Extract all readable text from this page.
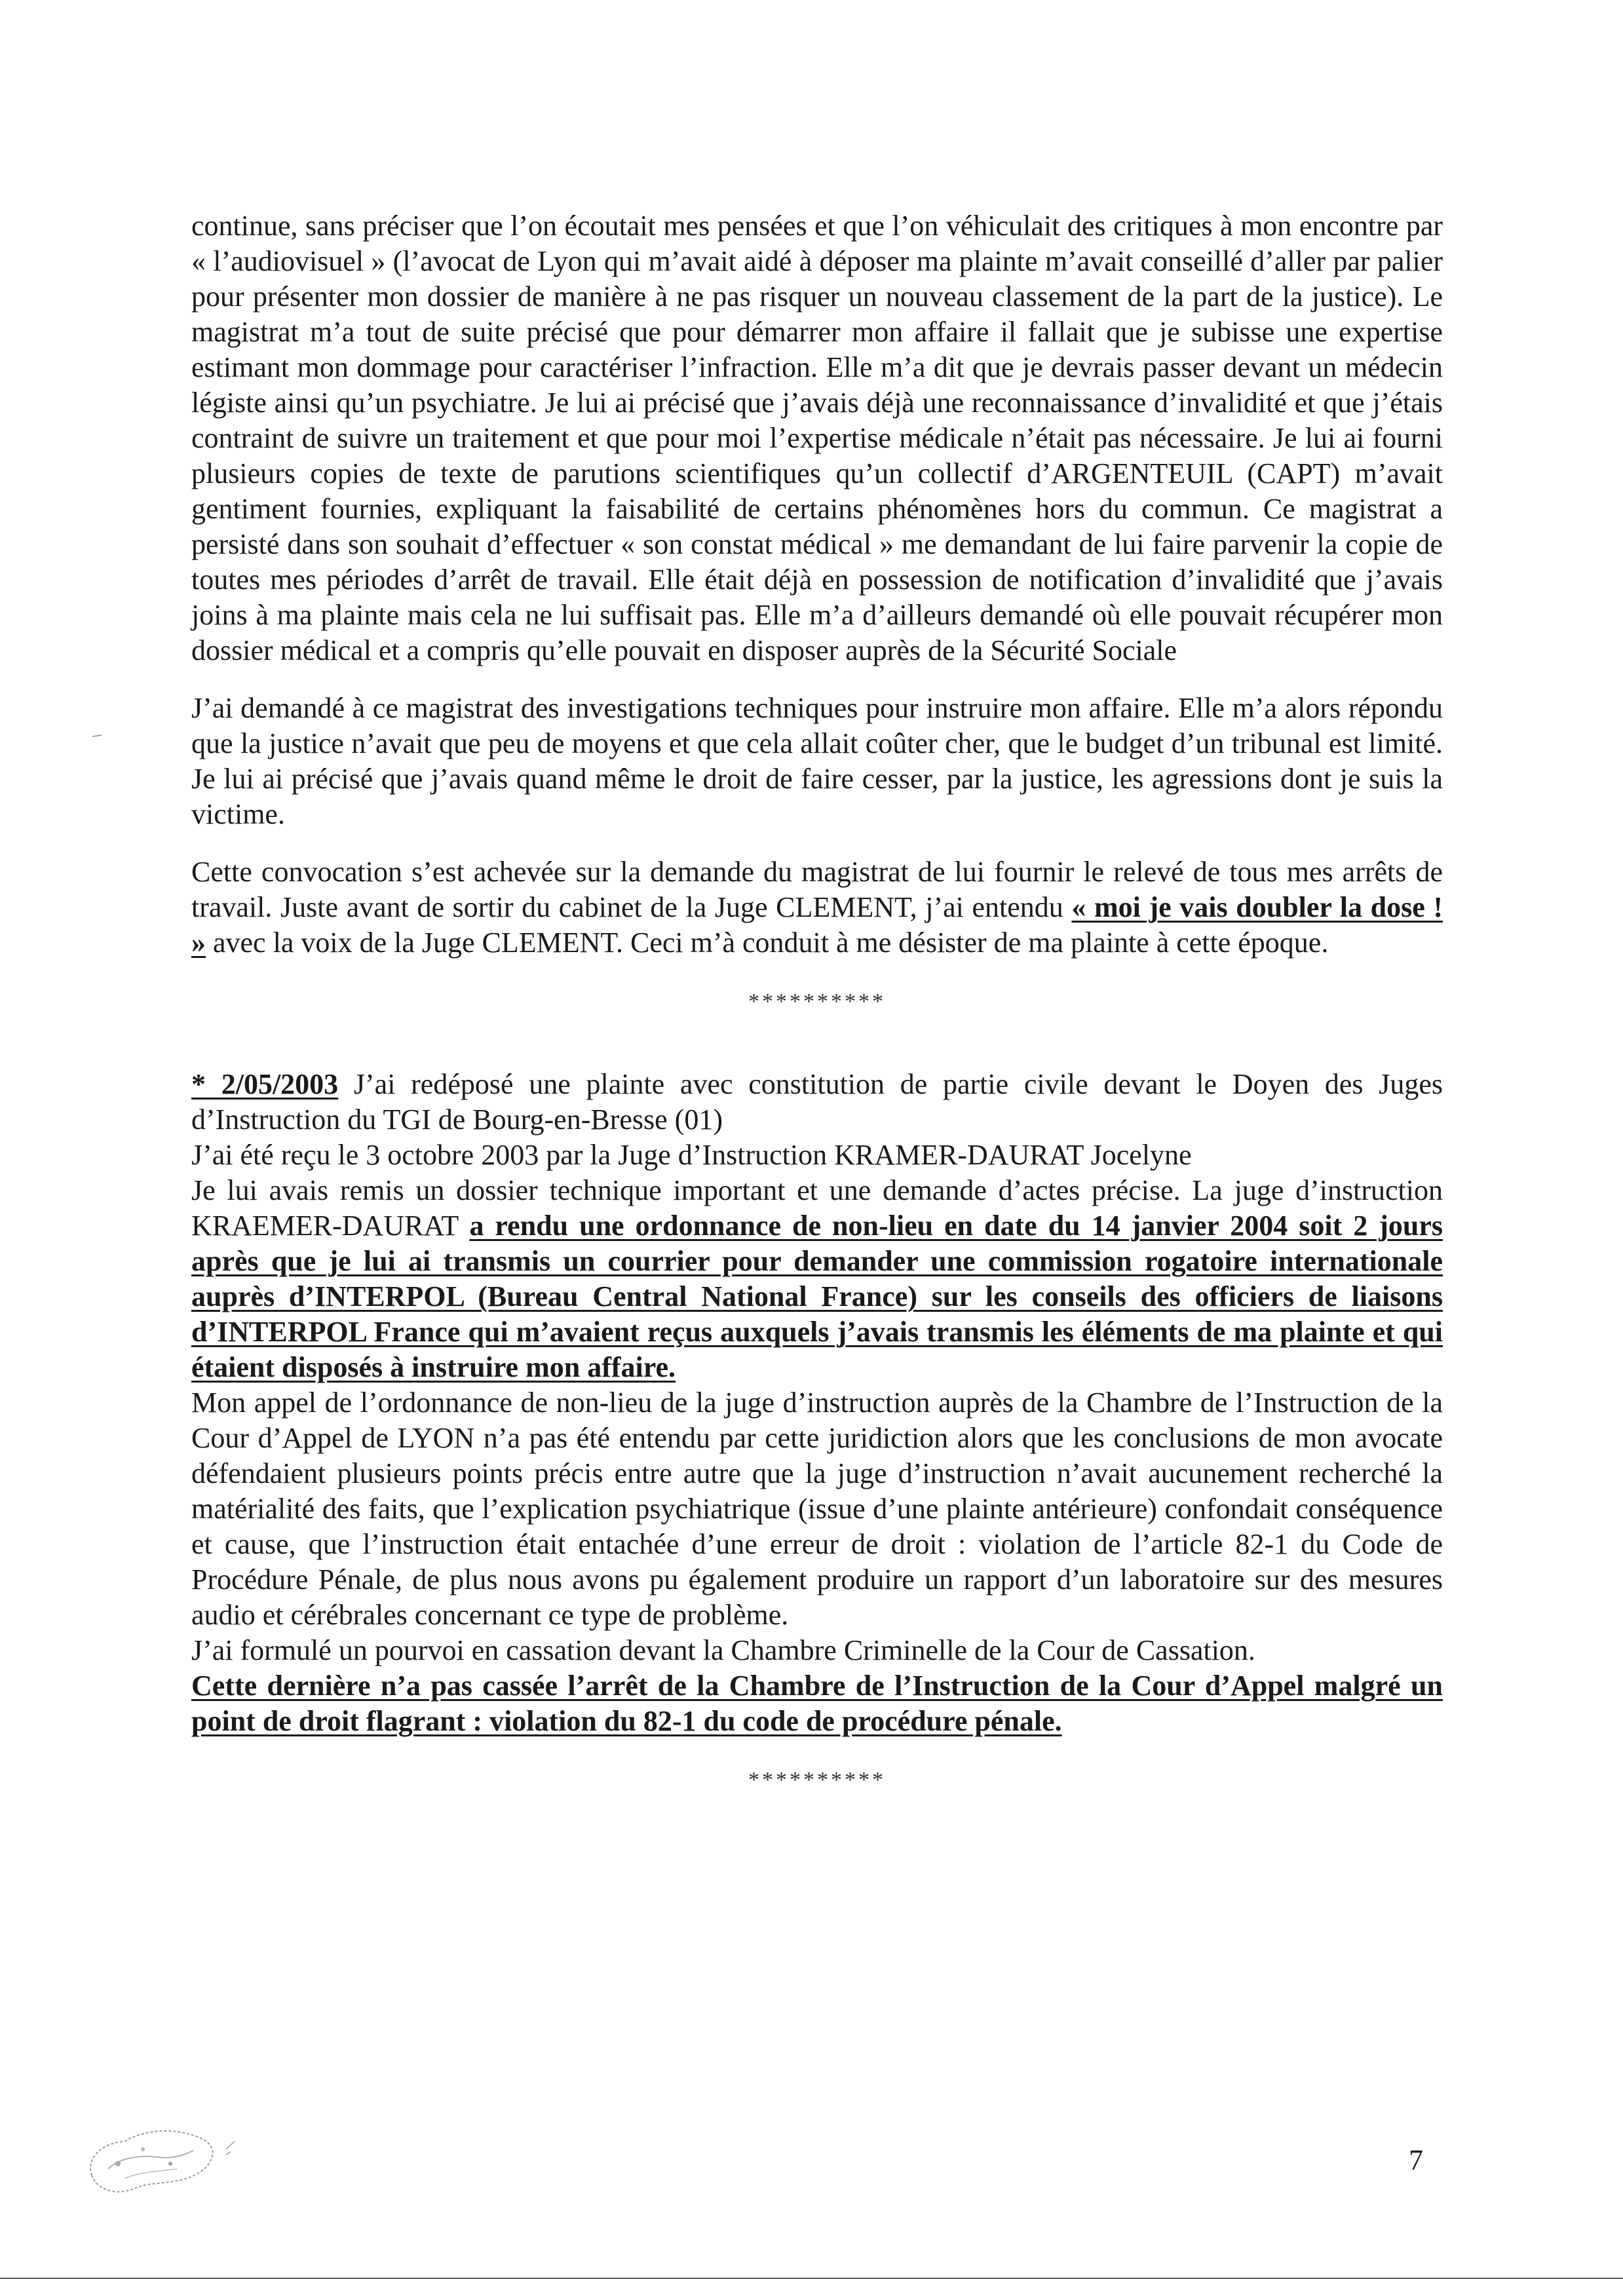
continue, sans préciser que l’on écoutait mes pensées et que l’on véhiculait des critiques à mon encontre par « l’audiovisuel » (l’avocat de Lyon qui m’avait aidé à déposer ma plainte m’avait conseillé d’aller par palier pour présenter mon dossier de manière à ne pas risquer un nouveau classement de la part de la justice). Le magistrat m’a tout de suite précisé que pour démarrer mon affaire il fallait que je subisse une expertise estimant mon dommage pour caractériser l’infraction. Elle m’a dit que je devrais passer devant un médecin légiste ainsi qu’un psychiatre. Je lui ai précisé que j’avais déjà une reconnaissance d’invalidité et que j’étais contraint de suivre un traitement et que pour moi l’expertise médicale n’était pas nécessaire. Je lui ai fourni plusieurs copies de texte de parutions scientifiques qu’un collectif d’ARGENTEUIL (CAPT) m’avait gentiment fournies, expliquant la faisabilité de certains phénomènes hors du commun. Ce magistrat a persisté dans son souhait d’effectuer « son constat médical » me demandant de lui faire parvenir la copie de toutes mes périodes d’arrêt de travail. Elle était déjà en possession de notification d’invalidité que j’avais joins à ma plainte mais cela ne lui suffisait pas. Elle m’a d’ailleurs demandé où elle pouvait récupérer mon dossier médical et a compris qu’elle pouvait en disposer auprès de la Sécurité Sociale

J’ai demandé à ce magistrat des investigations techniques pour instruire mon affaire. Elle m’a alors répondu que la justice n’avait que peu de moyens et que cela allait coûter cher, que le budget d’un tribunal est limité. Je lui ai précisé que j’avais quand même le droit de faire cesser, par la justice, les agressions dont je suis la victime.

Cette convocation s’est achevée sur la demande du magistrat de lui fournir le relevé de tous mes arrêts de travail. Juste avant de sortir du cabinet de la Juge CLEMENT, j’ai entendu « moi je vais doubler la dose ! » avec la voix de la Juge CLEMENT. Ceci m’à conduit à me désister de ma plainte à cette époque.

**********

* 2/05/2003 J’ai redéposé une plainte avec constitution de partie civile devant le Doyen des Juges d’Instruction du TGI de Bourg-en-Bresse (01)

J’ai été reçu le 3 octobre 2003 par la Juge d’Instruction KRAMER-DAURAT Jocelyne

Je lui avais remis un dossier technique important et une demande d’actes précise. La juge d’instruction KRAEMER-DAURAT a rendu une ordonnance de non-lieu en date du 14 janvier 2004 soit 2 jours après que je lui ai transmis un courrier pour demander une commission rogatoire internationale auprès d’INTERPOL (Bureau Central National France) sur les conseils des officiers de liaisons d’INTERPOL France qui m’avaient reçus auxquels j’avais transmis les éléments de ma plainte et qui étaient disposés à instruire mon affaire.

Mon appel de l’ordonnance de non-lieu de la juge d’instruction auprès de la Chambre de l’Instruction de la Cour d’Appel de LYON n’a pas été entendu par cette juridiction alors que les conclusions de mon avocate défendaient plusieurs points précis entre autre que la juge d’instruction n’avait aucunement recherché la matérialité des faits, que l’explication psychiatrique (issue d’une plainte antérieure) confondait conséquence et cause, que l’instruction était entachée d’une erreur de droit : violation de l’article 82-1 du Code de Procédure Pénale, de plus nous avons pu également produire un rapport d’un laboratoire sur des mesures audio et cérébrales concernant ce type de problème.

J’ai formulé un pourvoi en cassation devant la Chambre Criminelle de la Cour de Cassation.

Cette dernière n’a pas cassée l’arrêt de la Chambre de l’Instruction de la Cour d’Appel malgré un point de droit flagrant : violation du 82-1 du code de procédure pénale.

**********
7
